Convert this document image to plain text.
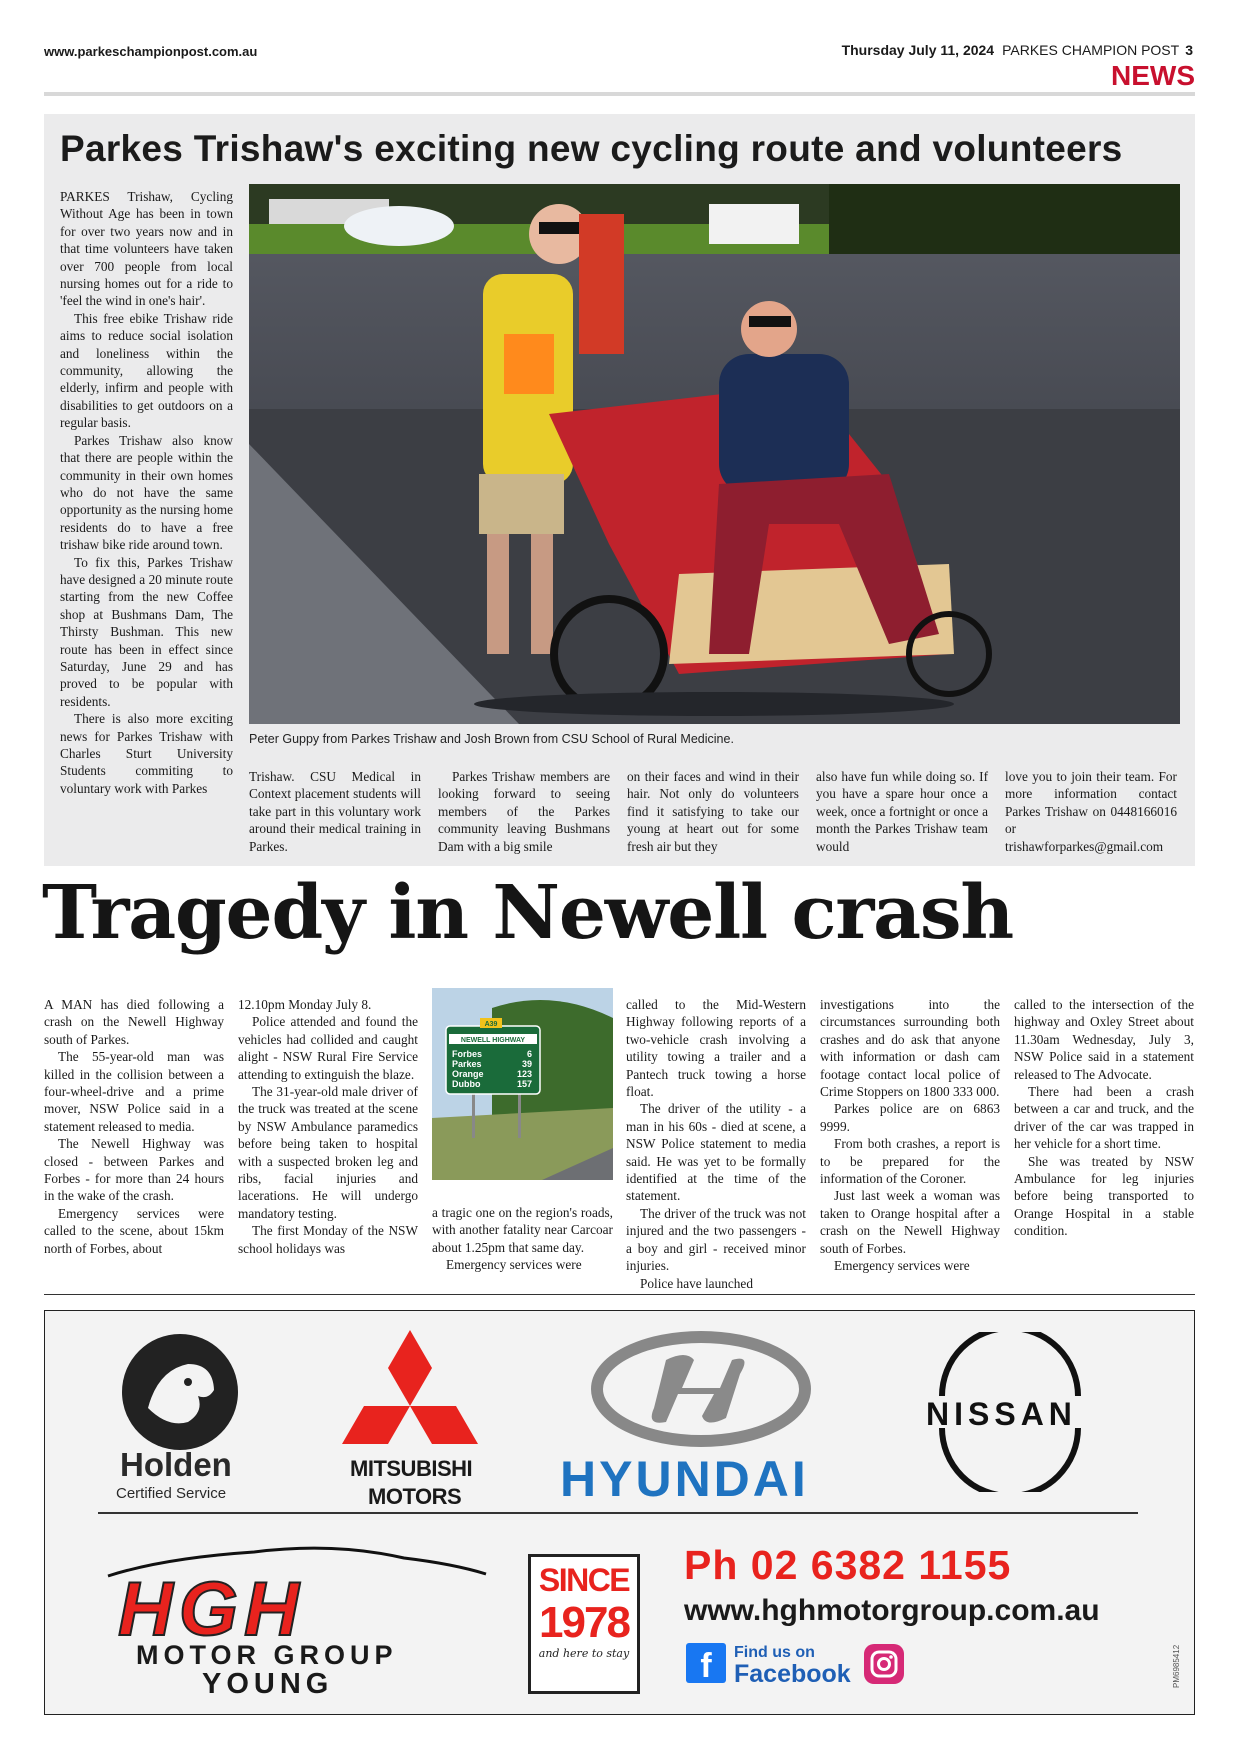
www.parkeschampionpost.com.au	Thursday July 11, 2024 PARKES CHAMPION POST 3
NEWS
Parkes Trishaw's exciting new cycling route and volunteers
Peter Guppy from Parkes Trishaw and Josh Brown from CSU School of Rural Medicine.

PARKES Trishaw, Cycling Without Age has been in town for over two years now and in that time volunteers have taken over 700 people from local nursing homes out for a ride to 'feel the wind in one's hair'.

This free ebike Trishaw ride aims to reduce social isolation and loneliness within the community, allowing the elderly, infirm and people with disabilities to get outdoors on a regular basis.

Parkes Trishaw also know that there are people within the community in their own homes who do not have the same opportunity as the nursing home residents do to have a free trishaw bike ride around town.

To fix this, Parkes Trishaw have designed a 20 minute route starting from the new Coffee shop at Bushmans Dam, The Thirsty Bushman. This new route has been in effect since Saturday, June 29 and has proved to be popular with residents.

There is also more exciting news for Parkes Trishaw with Charles Sturt University Students commiting to voluntary work with Parkes

Trishaw. CSU Medical in Context placement students will take part in this voluntary work around their medical training in Parkes.

Parkes Trishaw members are looking forward to seeing members of the Parkes community leaving Bushmans Dam with a big smile

on their faces and wind in their hair. Not only do volunteers find it satisfying to take our young at heart out for some fresh air but they

also have fun while doing so. If you have a spare hour once a week, once a fortnight or once a month the Parkes Trishaw team would

love you to join their team. For more information contact Parkes Trishaw on 0448166016 or trishawforparkes@gmail.com

Tragedy in Newell crash

A MAN has died following a crash on the Newell Highway south of Parkes.

The 55-year-old man was killed in the collision between a four-wheel-drive and a prime mover, NSW Police said in a statement released to media.

The Newell Highway was closed - between Parkes and Forbes - for more than 24 hours in the wake of the crash.

Emergency services were called to the scene, about 15km north of Forbes, about

12.10pm Monday July 8.

Police attended and found the vehicles had collided and caught alight - NSW Rural Fire Service attending to extinguish the blaze.

The 31-year-old male driver of the truck was treated at the scene by NSW Ambulance paramedics before being taken to hospital with a suspected broken leg and ribs, facial injuries and lacerations. He will undergo mandatory testing.

The first Monday of the NSW school holidays was

A39
NEWELL HIGHWAY
Forbes	6
Parkes	39
Orange	123
Dubbo	157

a tragic one on the region's roads, with another fatality near Carcoar about 1.25pm that same day.

Emergency services were

called to the Mid-Western Highway following reports of a two-vehicle crash involving a utility towing a trailer and a Pantech truck towing a horse float.

The driver of the utility - a man in his 60s - died at scene, a NSW Police statement to media said. He was yet to be formally identified at the time of the statement.

The driver of the truck was not injured and the two passengers - a boy and girl - received minor injuries.

Police have launched

investigations into the circumstances surrounding both crashes and do ask that anyone with information or dash cam footage contact local police of Crime Stoppers on 1800 333 000.

Parkes police are on 6863 9999.

From both crashes, a report is to be prepared for the information of the Coroner.

Just last week a woman was taken to Orange hospital after a crash on the Newell Highway south of Forbes.

Emergency services were

called to the intersection of the highway and Oxley Street about 11.30am Wednesday, July 3, NSW Police said in a statement released to The Advocate.

There had been a crash between a car and truck, and the driver of the car was trapped in her vehicle for a short time.

She was treated by NSW Ambulance for leg injuries before being transported to Orange Hospital in a stable condition.

Holden
Certified Service
MITSUBISHI
MOTORS HYUNDAI
NISSAN
HGH
MOTOR GROUP
YOUNG
SINCE
1978
and here to stay
Ph 02 6382 1155
www.hghmotorgroup.com.au
f	Find us on
Facebook	PM6985412
